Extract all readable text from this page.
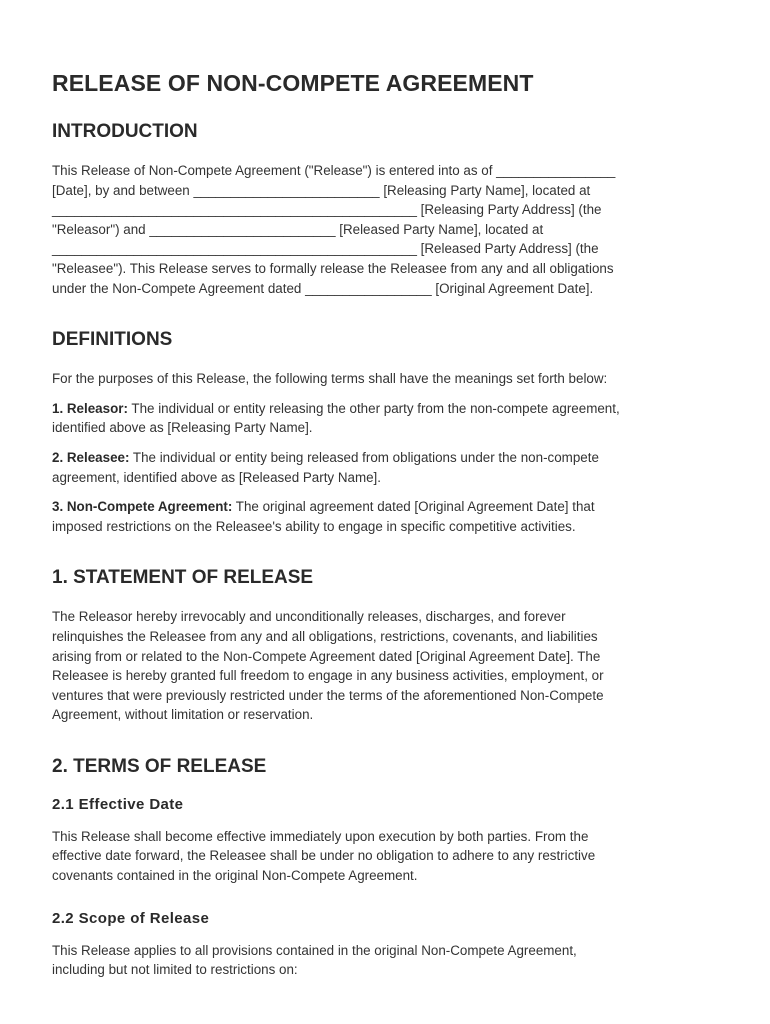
RELEASE OF NON-COMPETE AGREEMENT
INTRODUCTION

This Release of Non-Compete Agreement ("Release") is entered into as of ________________
[Date], by and between _________________________ [Releasing Party Name], located at
_________________________________________________ [Releasing Party Address] (the
"Releasor") and _________________________ [Released Party Name], located at
_________________________________________________ [Released Party Address] (the
"Releasee"). This Release serves to formally release the Releasee from any and all obligations
under the Non-Compete Agreement dated _________________ [Original Agreement Date].

DEFINITIONS

For the purposes of this Release, the following terms shall have the meanings set forth below:

1. Releasor: The individual or entity releasing the other party from the non-compete agreement,
identified above as [Releasing Party Name].

2. Releasee: The individual or entity being released from obligations under the non-compete
agreement, identified above as [Released Party Name].

3. Non-Compete Agreement: The original agreement dated [Original Agreement Date] that
imposed restrictions on the Releasee's ability to engage in specific competitive activities.

1. STATEMENT OF RELEASE

The Releasor hereby irrevocably and unconditionally releases, discharges, and forever
relinquishes the Releasee from any and all obligations, restrictions, covenants, and liabilities
arising from or related to the Non-Compete Agreement dated [Original Agreement Date]. The
Releasee is hereby granted full freedom to engage in any business activities, employment, or
ventures that were previously restricted under the terms of the aforementioned Non-Compete
Agreement, without limitation or reservation.

2. TERMS OF RELEASE
2.1 Effective Date

This Release shall become effective immediately upon execution by both parties. From the
effective date forward, the Releasee shall be under no obligation to adhere to any restrictive
covenants contained in the original Non-Compete Agreement.

2.2 Scope of Release

This Release applies to all provisions contained in the original Non-Compete Agreement,
including but not limited to restrictions on:
